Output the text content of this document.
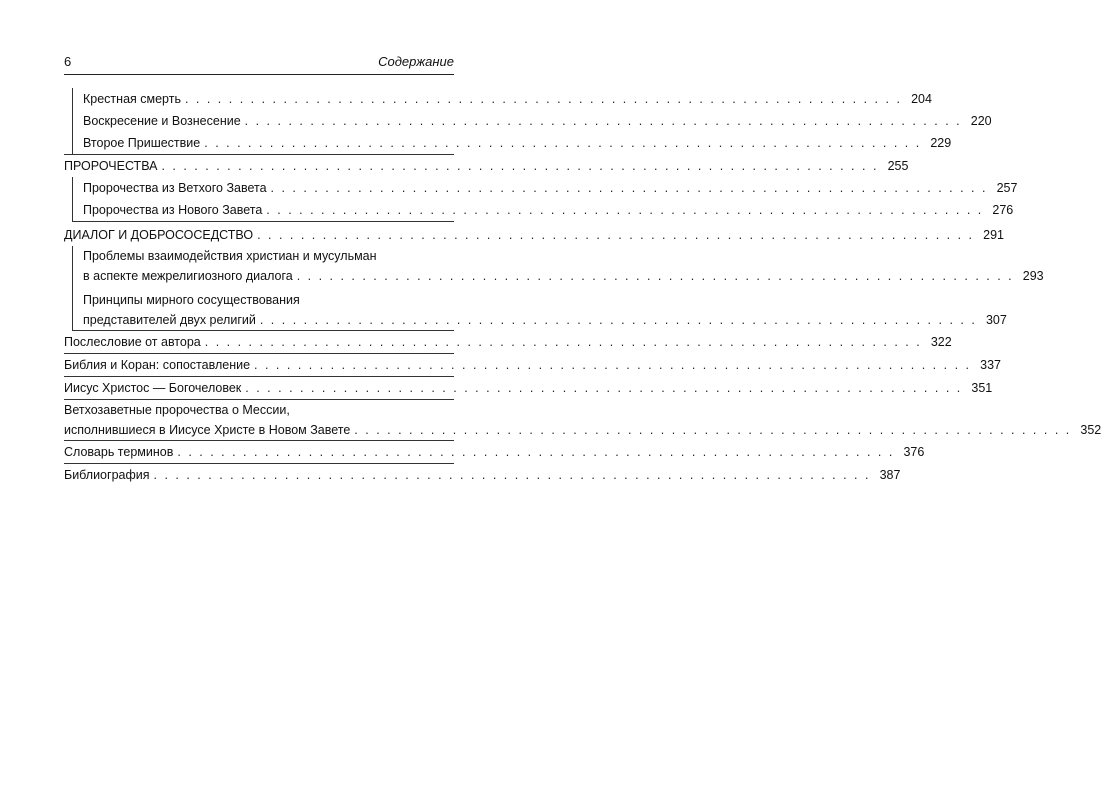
6	Содержание
Крестная смерть . . . . . . . . . . . . . . . . . . . . . . . . . . . . . . . . . . . . . . . . . . . . . . . . . . . . . . . . . . . . . . . . . . 204
Воскресение и Вознесение . . . . . . . . . . . . . . . . . . . . . . . . . . . . . . . . . . . . . . . . . . . . . . . . . . . . . . . . . . . . . . . . . . 220
Второе Пришествие . . . . . . . . . . . . . . . . . . . . . . . . . . . . . . . . . . . . . . . . . . . . . . . . . . . . . . . . . . . . . . . . . . 229
ПРОРОЧЕСТВА . . . . . . . . . . . . . . . . . . . . . . . . . . . . . . . . . . . . . . . . . . . . . . . . . . . . . . . . . . . . . . . . . . 255
Пророчества из Ветхого Завета . . . . . . . . . . . . . . . . . . . . . . . . . . . . . . . . . . . . . . . . . . . . . . . . . . . . . . . . . . . . . . . . . . 257
Пророчества из Нового Завета . . . . . . . . . . . . . . . . . . . . . . . . . . . . . . . . . . . . . . . . . . . . . . . . . . . . . . . . . . . . . . . . . . 276
ДИАЛОГ И ДОБРОСОСЕДСТВО . . . . . . . . . . . . . . . . . . . . . . . . . . . . . . . . . . . . . . . . . . . . . . . . . . . . . . . . . . . . . . . . . . 291
Проблемы взаимодействия христиан и мусульман
в аспекте межрелигиозного диалога . . . . . . . . . . . . . . . . . . . . . . . . . . . . . . . . . . . . . . . . . . . . . . . . . . . . . . . . . . . . . . . . . . 293
Принципы мирного сосуществования
представителей двух религий . . . . . . . . . . . . . . . . . . . . . . . . . . . . . . . . . . . . . . . . . . . . . . . . . . . . . . . . . . . . . . . . . . 307
Послесловие от автора . . . . . . . . . . . . . . . . . . . . . . . . . . . . . . . . . . . . . . . . . . . . . . . . . . . . . . . . . . . . . . . . . . 322
Библия и Коран: сопоставление . . . . . . . . . . . . . . . . . . . . . . . . . . . . . . . . . . . . . . . . . . . . . . . . . . . . . . . . . . . . . . . . . . 337
Иисус Христос — Богочеловек . . . . . . . . . . . . . . . . . . . . . . . . . . . . . . . . . . . . . . . . . . . . . . . . . . . . . . . . . . . . . . . . . . 351
Ветхозаветные пророчества о Мессии,
исполнившиеся в Иисусе Христе в Новом Завете . . . . . . . . . . . . . . . . . . . . . . . . . . . . . . . . . . . . . . . . . . . . . . . . . . . . . . . . . . . . . . . . . . 352
Словарь терминов . . . . . . . . . . . . . . . . . . . . . . . . . . . . . . . . . . . . . . . . . . . . . . . . . . . . . . . . . . . . . . . . . . 376
Библиография . . . . . . . . . . . . . . . . . . . . . . . . . . . . . . . . . . . . . . . . . . . . . . . . . . . . . . . . . . . . . . . . . . 387
